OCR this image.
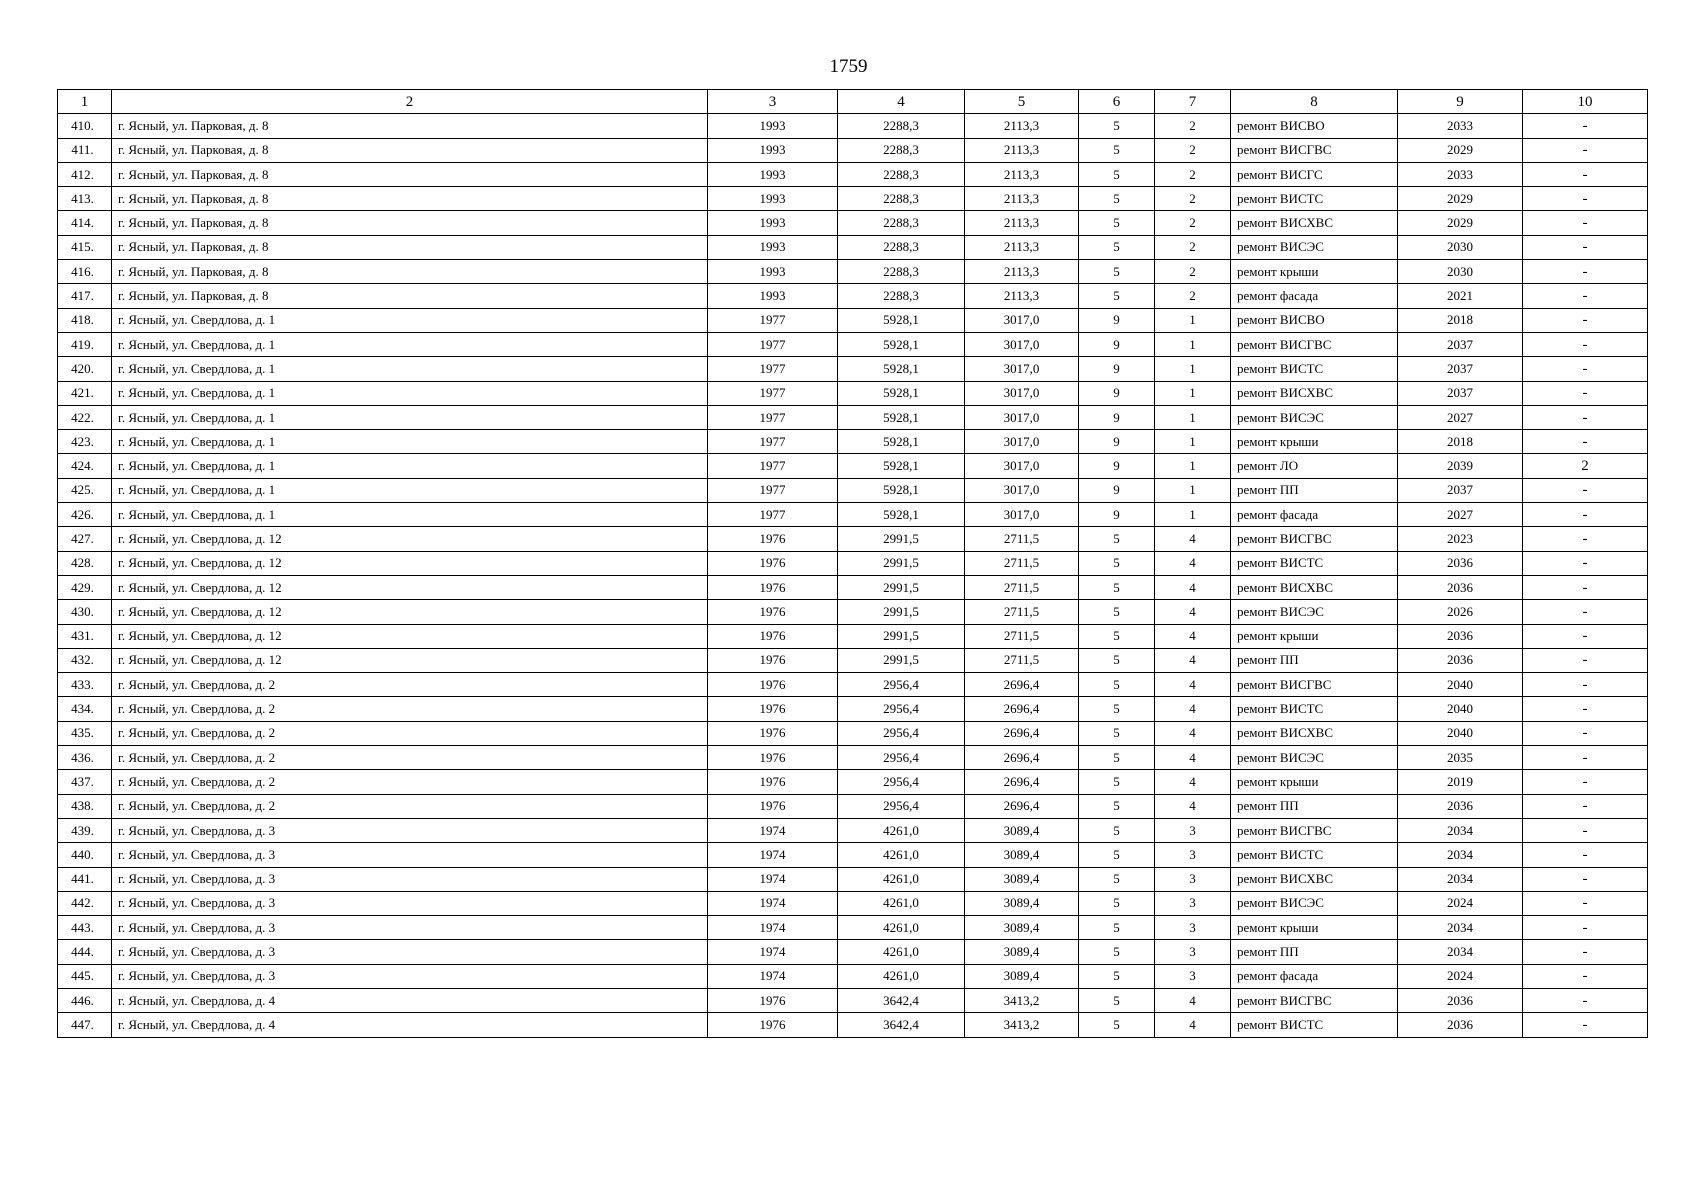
1759
1	2	3	4	5	6	7	8	9	10
410.	г. Ясный, ул. Парковая, д. 8	1993	2288,3	2113,3	5	2	ремонт ВИСВО	2033	-
411.	г. Ясный, ул. Парковая, д. 8	1993	2288,3	2113,3	5	2	ремонт ВИСГВС	2029	-
412.	г. Ясный, ул. Парковая, д. 8	1993	2288,3	2113,3	5	2	ремонт ВИСГС	2033	-
413.	г. Ясный, ул. Парковая, д. 8	1993	2288,3	2113,3	5	2	ремонт ВИСТС	2029	-
414.	г. Ясный, ул. Парковая, д. 8	1993	2288,3	2113,3	5	2	ремонт ВИСХВС	2029	-
415.	г. Ясный, ул. Парковая, д. 8	1993	2288,3	2113,3	5	2	ремонт ВИСЭС	2030	-
416.	г. Ясный, ул. Парковая, д. 8	1993	2288,3	2113,3	5	2	ремонт крыши	2030	-
417.	г. Ясный, ул. Парковая, д. 8	1993	2288,3	2113,3	5	2	ремонт фасада	2021	-
418.	г. Ясный, ул. Свердлова, д. 1	1977	5928,1	3017,0	9	1	ремонт ВИСВО	2018	-
419.	г. Ясный, ул. Свердлова, д. 1	1977	5928,1	3017,0	9	1	ремонт ВИСГВС	2037	-
420.	г. Ясный, ул. Свердлова, д. 1	1977	5928,1	3017,0	9	1	ремонт ВИСТС	2037	-
421.	г. Ясный, ул. Свердлова, д. 1	1977	5928,1	3017,0	9	1	ремонт ВИСХВС	2037	-
422.	г. Ясный, ул. Свердлова, д. 1	1977	5928,1	3017,0	9	1	ремонт ВИСЭС	2027	-
423.	г. Ясный, ул. Свердлова, д. 1	1977	5928,1	3017,0	9	1	ремонт крыши	2018	-
424.	г. Ясный, ул. Свердлова, д. 1	1977	5928,1	3017,0	9	1	ремонт ЛО	2039	2
425.	г. Ясный, ул. Свердлова, д. 1	1977	5928,1	3017,0	9	1	ремонт ПП	2037	-
426.	г. Ясный, ул. Свердлова, д. 1	1977	5928,1	3017,0	9	1	ремонт фасада	2027	-
427.	г. Ясный, ул. Свердлова, д. 12	1976	2991,5	2711,5	5	4	ремонт ВИСГВС	2023	-
428.	г. Ясный, ул. Свердлова, д. 12	1976	2991,5	2711,5	5	4	ремонт ВИСТС	2036	-
429.	г. Ясный, ул. Свердлова, д. 12	1976	2991,5	2711,5	5	4	ремонт ВИСХВС	2036	-
430.	г. Ясный, ул. Свердлова, д. 12	1976	2991,5	2711,5	5	4	ремонт ВИСЭС	2026	-
431.	г. Ясный, ул. Свердлова, д. 12	1976	2991,5	2711,5	5	4	ремонт крыши	2036	-
432.	г. Ясный, ул. Свердлова, д. 12	1976	2991,5	2711,5	5	4	ремонт ПП	2036	-
433.	г. Ясный, ул. Свердлова, д. 2	1976	2956,4	2696,4	5	4	ремонт ВИСГВС	2040	-
434.	г. Ясный, ул. Свердлова, д. 2	1976	2956,4	2696,4	5	4	ремонт ВИСТС	2040	-
435.	г. Ясный, ул. Свердлова, д. 2	1976	2956,4	2696,4	5	4	ремонт ВИСХВС	2040	-
436.	г. Ясный, ул. Свердлова, д. 2	1976	2956,4	2696,4	5	4	ремонт ВИСЭС	2035	-
437.	г. Ясный, ул. Свердлова, д. 2	1976	2956,4	2696,4	5	4	ремонт крыши	2019	-
438.	г. Ясный, ул. Свердлова, д. 2	1976	2956,4	2696,4	5	4	ремонт ПП	2036	-
439.	г. Ясный, ул. Свердлова, д. 3	1974	4261,0	3089,4	5	3	ремонт ВИСГВС	2034	-
440.	г. Ясный, ул. Свердлова, д. 3	1974	4261,0	3089,4	5	3	ремонт ВИСТС	2034	-
441.	г. Ясный, ул. Свердлова, д. 3	1974	4261,0	3089,4	5	3	ремонт ВИСХВС	2034	-
442.	г. Ясный, ул. Свердлова, д. 3	1974	4261,0	3089,4	5	3	ремонт ВИСЭС	2024	-
443.	г. Ясный, ул. Свердлова, д. 3	1974	4261,0	3089,4	5	3	ремонт крыши	2034	-
444.	г. Ясный, ул. Свердлова, д. 3	1974	4261,0	3089,4	5	3	ремонт ПП	2034	-
445.	г. Ясный, ул. Свердлова, д. 3	1974	4261,0	3089,4	5	3	ремонт фасада	2024	-
446.	г. Ясный, ул. Свердлова, д. 4	1976	3642,4	3413,2	5	4	ремонт ВИСГВС	2036	-
447.	г. Ясный, ул. Свердлова, д. 4	1976	3642,4	3413,2	5	4	ремонт ВИСТС	2036	-
